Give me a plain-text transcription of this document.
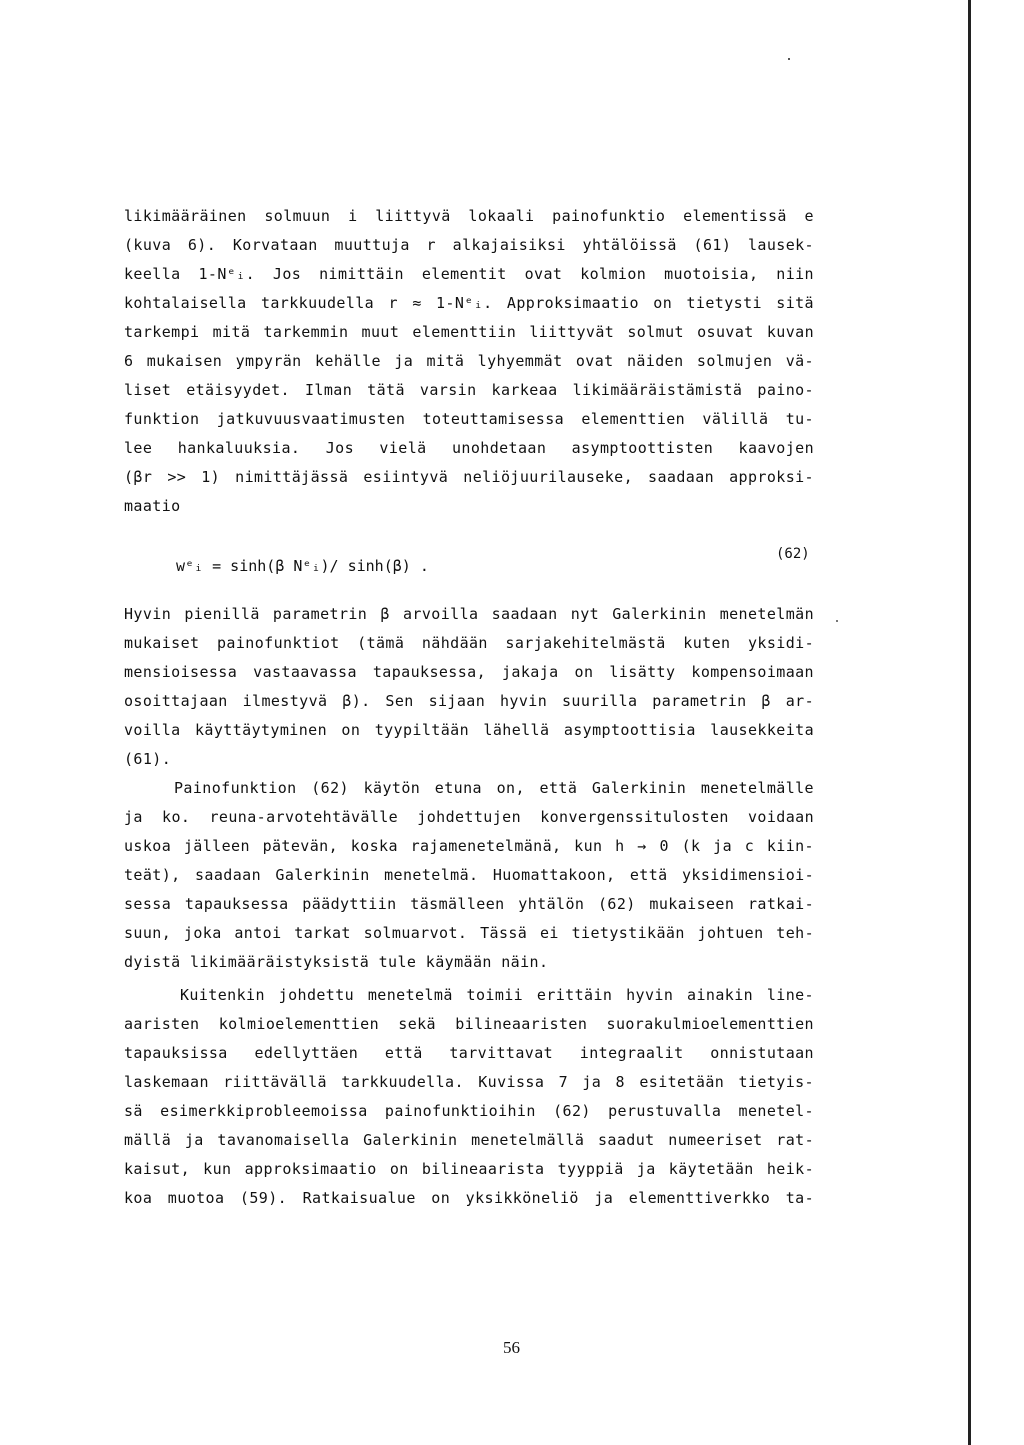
likimääräinen solmuun i liittyvä lokaali painofunktio elementissä e
(kuva 6). Korvataan muuttuja r alkajaisiksi yhtälöissä (61) lausek-
keella 1-Nᵉᵢ. Jos nimittäin elementit ovat kolmion muotoisia, niin
kohtalaisella tarkkuudella r ≈ 1-Nᵉᵢ. Approksimaatio on tietysti sitä
tarkempi mitä tarkemmin muut elementtiin liittyvät solmut osuvat kuvan
6 mukaisen ympyrän kehälle ja mitä lyhyemmät ovat näiden solmujen vä-
liset etäisyydet. Ilman tätä varsin karkeaa likimääräistämistä paino-
funktion jatkuvuusvaatimusten toteuttamisessa elementtien välillä tu-
lee hankaluuksia. Jos vielä unohdetaan asymptoottisten kaavojen
(βr >> 1) nimittäjässä esiintyvä neliöjuurilauseke, saadaan approksi-
maatio
wᵉᵢ = sinh(β Nᵉᵢ)/ sinh(β) .
(62)
Hyvin pienillä parametrin β arvoilla saadaan nyt Galerkinin menetelmän
mukaiset painofunktiot (tämä nähdään sarjakehitelmästä kuten yksidi-
mensioisessa vastaavassa tapauksessa, jakaja on lisätty kompensoimaan
osoittajaan ilmestyvä β). Sen sijaan hyvin suurilla parametrin β ar-
voilla käyttäytyminen on tyypiltään lähellä asymptoottisia lausekkeita
(61).
Painofunktion (62) käytön etuna on, että Galerkinin menetelmälle
ja ko. reuna-arvotehtävälle johdettujen konvergenssitulosten voidaan
uskoa jälleen pätevän, koska rajamenetelmänä, kun h → 0 (k ja c kiin-
teät), saadaan Galerkinin menetelmä. Huomattakoon, että yksidimensioi-
sessa tapauksessa päädyttiin täsmälleen yhtälön (62) mukaiseen ratkai-
suun, joka antoi tarkat solmuarvot. Tässä ei tietystikään johtuen teh-
dyistä likimääräistyksistä tule käymään näin.
Kuitenkin johdettu menetelmä toimii erittäin hyvin ainakin line-
aaristen kolmioelementtien sekä bilineaaristen suorakulmioelementtien
tapauksissa edellyttäen että tarvittavat integraalit onnistutaan
laskemaan riittävällä tarkkuudella. Kuvissa 7 ja 8 esitetään tietyis-
sä esimerkkiprobleemoissa painofunktioihin (62) perustuvalla menetel-
mällä ja tavanomaisella Galerkinin menetelmällä saadut numeeriset rat-
kaisut, kun approksimaatio on bilineaarista tyyppiä ja käytetään heik-
koa muotoa (59). Ratkaisualue on yksikköneliö ja elementtiverkko ta-
56
